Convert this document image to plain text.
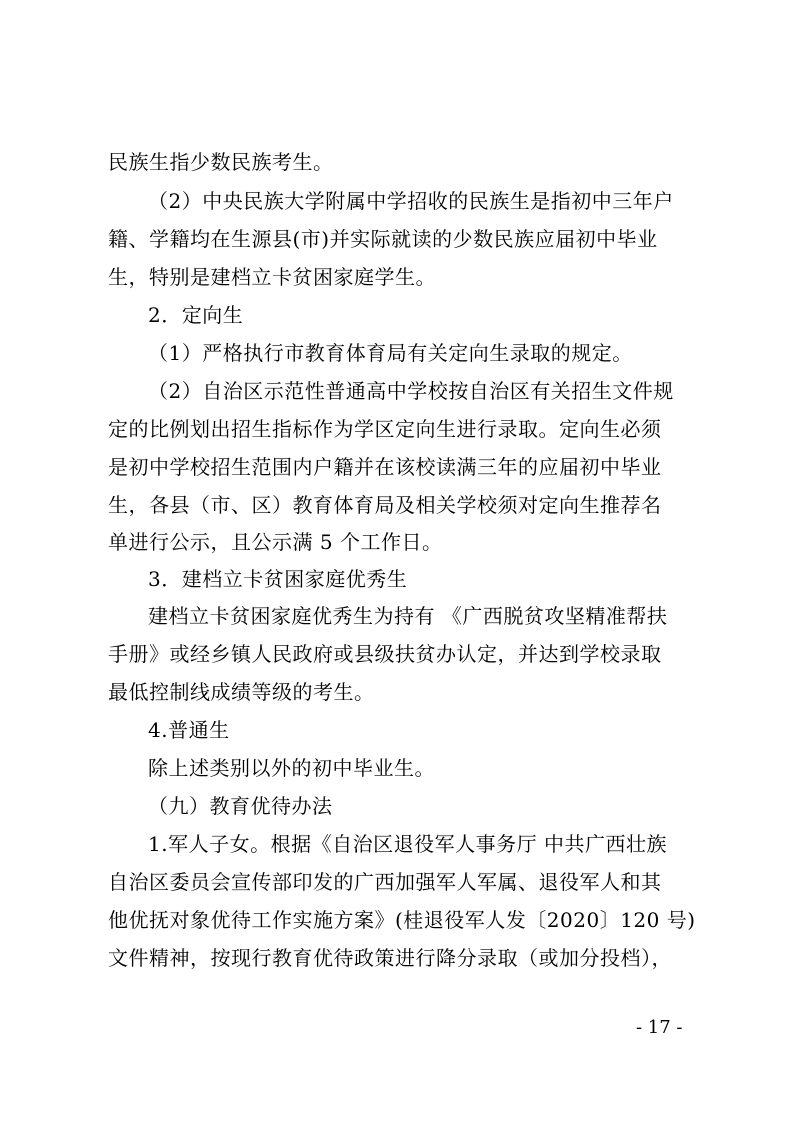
民族生指少数民族考生。
（2）中央民族大学附属中学招收的民族生是指初中三年户
籍、学籍均在生源县(市)并实际就读的少数民族应届初中毕业
生，特别是建档立卡贫困家庭学生。
2．定向生
（1）严格执行市教育体育局有关定向生录取的规定。
（2）自治区示范性普通高中学校按自治区有关招生文件规
定的比例划出招生指标作为学区定向生进行录取。定向生必须
是初中学校招生范围内户籍并在该校读满三年的应届初中毕业
生，各县（市、区）教育体育局及相关学校须对定向生推荐名
单进行公示，且公示满 5 个工作日。
3．建档立卡贫困家庭优秀生
建档立卡贫困家庭优秀生为持有 《广西脱贫攻坚精准帮扶
手册》或经乡镇人民政府或县级扶贫办认定，并达到学校录取
最低控制线成绩等级的考生。
4.普通生
除上述类别以外的初中毕业生。
（九）教育优待办法
1.军人子女。根据《自治区退役军人事务厅 中共广西壮族
自治区委员会宣传部印发的广西加强军人军属、退役军人和其
他优抚对象优待工作实施方案》(桂退役军人发〔2020〕120 号)
文件精神，按现行教育优待政策进行降分录取（或加分投档），
- 17 -
